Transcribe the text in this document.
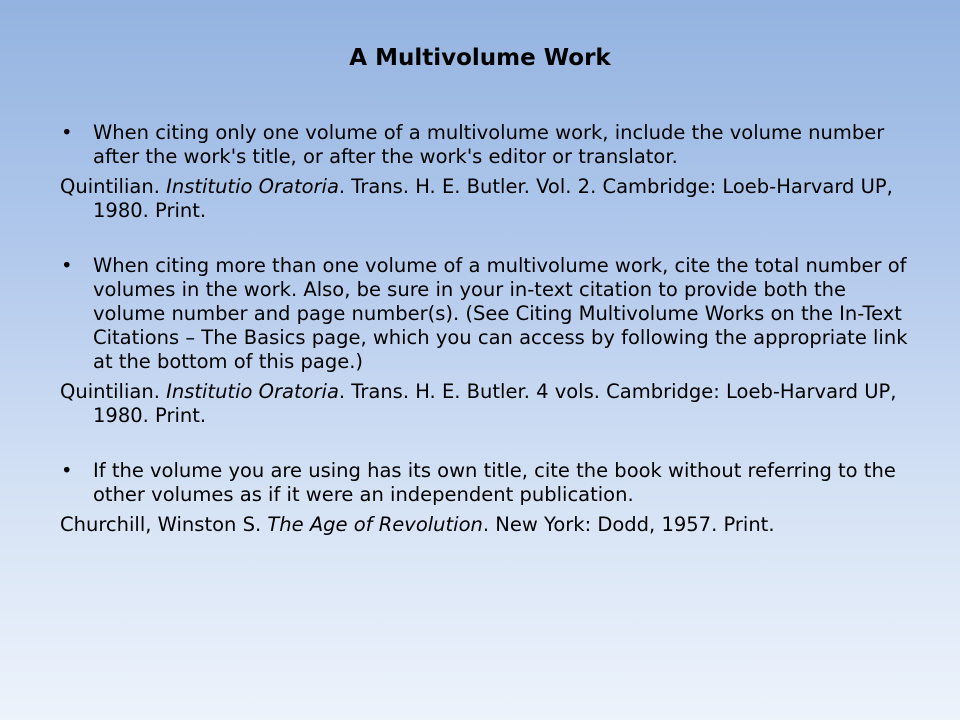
A Multivolume Work

• When citing only one volume of a multivolume work, include the volume number after the work's title, or after the work's editor or translator.

Quintilian. Institutio Oratoria. Trans. H. E. Butler. Vol. 2. Cambridge: Loeb-Harvard UP, 1980. Print.

• When citing more than one volume of a multivolume work, cite the total number of volumes in the work. Also, be sure in your in-text citation to provide both the volume number and page number(s). (See Citing Multivolume Works on the In-Text Citations – The Basics page, which you can access by following the appropriate link at the bottom of this page.)

Quintilian. Institutio Oratoria. Trans. H. E. Butler. 4 vols. Cambridge: Loeb-Harvard UP, 1980. Print.

• If the volume you are using has its own title, cite the book without referring to the other volumes as if it were an independent publication.

Churchill, Winston S. The Age of Revolution. New York: Dodd, 1957. Print.
